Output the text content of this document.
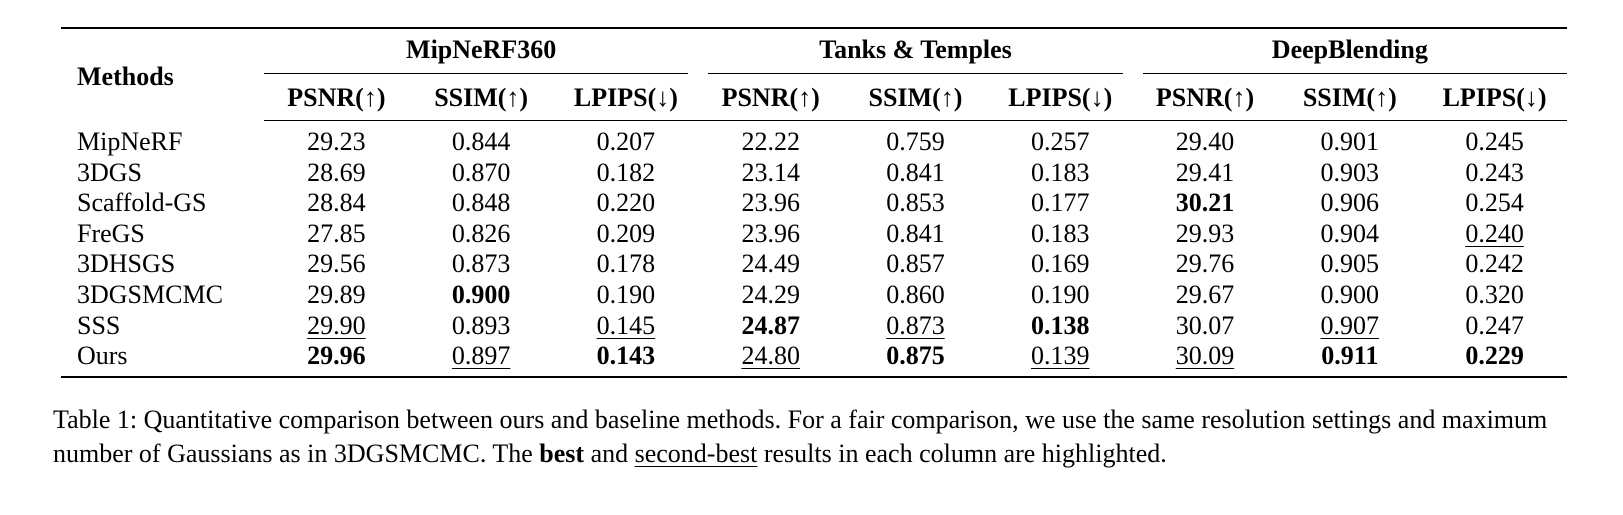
Methods	MipNeRF360			Tanks & Temples			DeepBlending		

	PSNR(↑)	SSIM(↑)	LPIPS(↓)	PSNR(↑)	SSIM(↑)	LPIPS(↓)	PSNR(↑)	SSIM(↑)	LPIPS(↓)
MipNeRF	29.23	0.844	0.207	22.22	0.759	0.257	29.40	0.901	0.245
3DGS	28.69	0.870	0.182	23.14	0.841	0.183	29.41	0.903	0.243
Scaffold-GS	28.84	0.848	0.220	23.96	0.853	0.177	30.21	0.906	0.254
FreGS	27.85	0.826	0.209	23.96	0.841	0.183	29.93	0.904	0.240
3DHSGS	29.56	0.873	0.178	24.49	0.857	0.169	29.76	0.905	0.242
3DGSMCMC	29.89	0.900	0.190	24.29	0.860	0.190	29.67	0.900	0.320
SSS	29.90	0.893	0.145	24.87	0.873	0.138	30.07	0.907	0.247
Ours	29.96	0.897	0.143	24.80	0.875	0.139	30.09	0.911	0.229
Table 1: Quantitative comparison between ours and baseline methods. For a fair comparison, we use the same resolution settings and maximum number of Gaussians as in 3DGSMCMC. The best and second-best results in each column are highlighted.
